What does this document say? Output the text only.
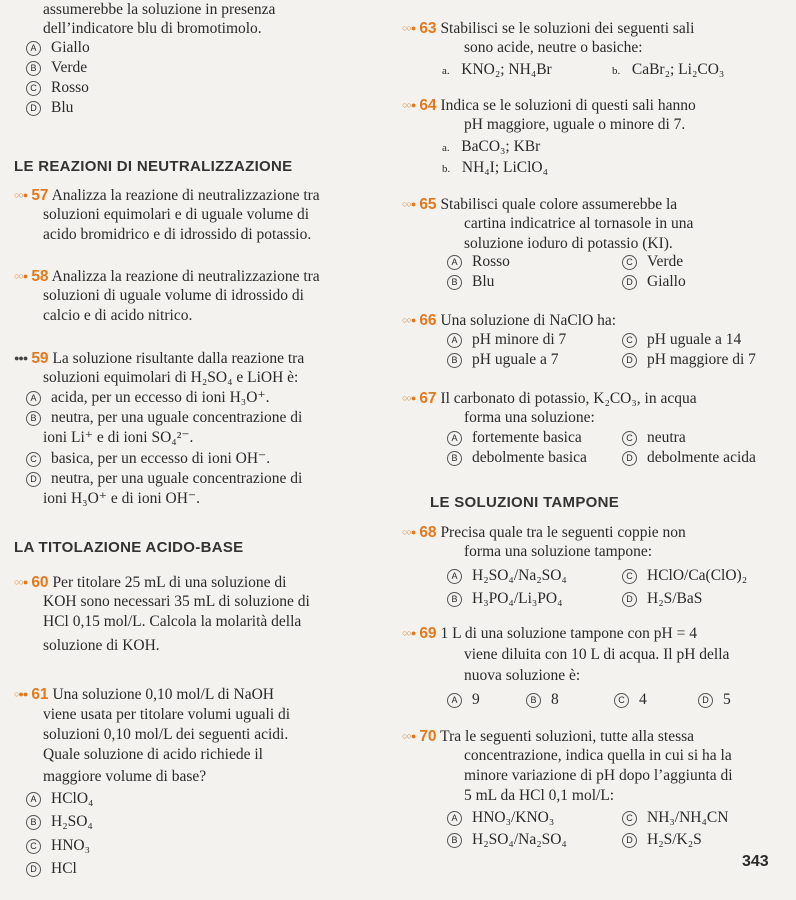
assumerebbe la soluzione in presenza
dell’indicatore blu di bromotimolo.
A Giallo
B Verde
C Rosso
D Blu
LE REAZIONI DI NEUTRALIZZAZIONE
○○● 57 Analizza la reazione di neutralizzazione tra
soluzioni equimolari e di uguale volume di
acido bromidrico e di idrossido di potassio.
○○● 58 Analizza la reazione di neutralizzazione tra
soluzioni di uguale volume di idrossido di
calcio e di acido nitrico.
●●● 59 La soluzione risultante dalla reazione tra
soluzioni equimolari di H₂SO₄ e LiOH è:
A acida, per un eccesso di ioni H₃O⁺.
B neutra, per una uguale concentrazione di
ioni Li⁺ e di ioni SO₄²⁻.
C basica, per un eccesso di ioni OH⁻.
D neutra, per una uguale concentrazione di
ioni H₃O⁺ e di ioni OH⁻.
LA TITOLAZIONE ACIDO-BASE
○○● 60 Per titolare 25 mL di una soluzione di
KOH sono necessari 35 mL di soluzione di
HCl 0,15 mol/L. Calcola la molarità della
soluzione di KOH.
○●● 61 Una soluzione 0,10 mol/L di NaOH
viene usata per titolare volumi uguali di
soluzioni 0,10 mol/L dei seguenti acidi.
Quale soluzione di acido richiede il
maggiore volume di base?
A HClO₄
B H₂SO₄
C HNO₃
D HCl
○○● 63 Stabilisci se le soluzioni dei seguenti sali
sono acide, neutre o basiche:
a. KNO₂; NH₄Br	b. CaBr₂; Li₂CO₃
○○● 64 Indica se le soluzioni di questi sali hanno
pH maggiore, uguale o minore di 7.
a. BaCO₃; KBr
b. NH₄I; LiClO₄
○○● 65 Stabilisci quale colore assumerebbe la
cartina indicatrice al tornasole in una
soluzione ioduro di potassio (KI).
A Rosso
B Blu
C Verde
D Giallo
○○● 66 Una soluzione di NaClO ha:
A pH minore di 7
B pH uguale a 7
C pH uguale a 14
D pH maggiore di 7
○○● 67 Il carbonato di potassio, K₂CO₃, in acqua
forma una soluzione:
A fortemente basica
B debolmente basica
C neutra
D debolmente acida
LE SOLUZIONI TAMPONE
○○● 68 Precisa quale tra le seguenti coppie non
forma una soluzione tampone:
A H₂SO₄/Na₂SO₄
B H₃PO₄/Li₃PO₄
C HClO/Ca(ClO)₂
D H₂S/BaS
○○● 69 1 L di una soluzione tampone con pH = 4
viene diluita con 10 L di acqua. Il pH della
nuova soluzione è:
A 9	B 8	C 4	D 5
○○● 70 Tra le seguenti soluzioni, tutte alla stessa
concentrazione, indica quella in cui si ha la
minore variazione di pH dopo l’aggiunta di
5 mL da HCl 0,1 mol/L:
A HNO₃/KNO₃
B H₂SO₄/Na₂SO₄
C NH₃/NH₄CN
D H₂S/K₂S
343
